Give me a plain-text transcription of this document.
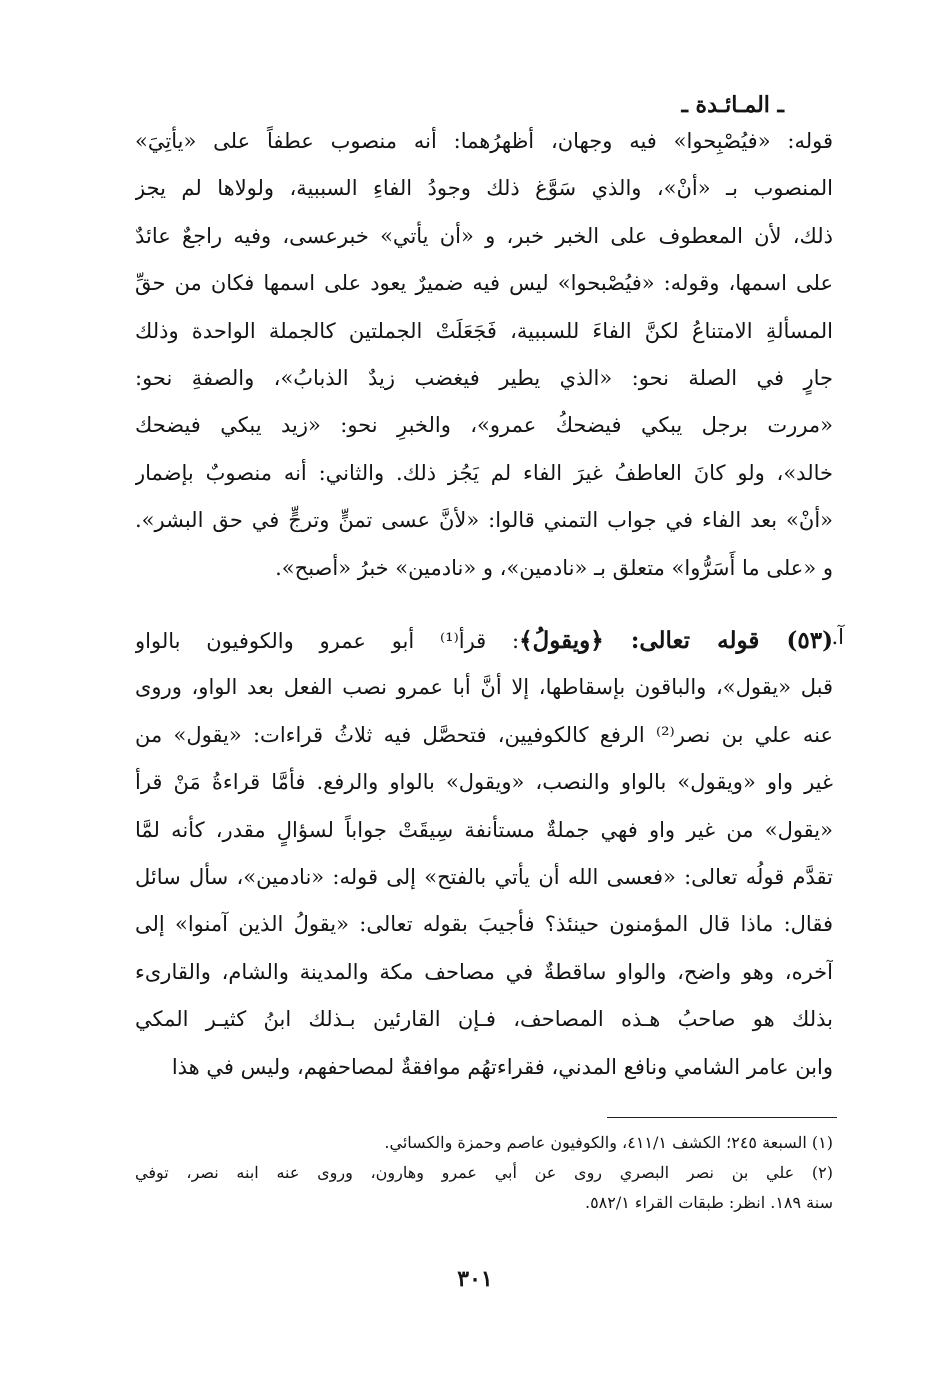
ـ المـائـدة ـ
قوله: «فيُصْبِحوا» فيه وجهان، أظهرُهما: أنه منصوب عطفاً على «يأتِيَ»
المنصوب بـ «أنْ»، والذي سَوَّغ ذلك وجودُ الفاءِ السببية، ولولاها لم يجز
ذلك، لأن المعطوف على الخبر خبر، و «أن يأتي» خبرعسى، وفيه راجعٌ عائدٌ
على اسمها، وقوله: «فيُصْبحوا» ليس فيه ضميرٌ يعود على اسمها فكان من حقِّ
المسألةِ الامتناعُ لكنَّ الفاءَ للسببية، فَجَعَلَتْ الجملتين كالجملة الواحدة وذلك
جارٍ في الصلة نحو: «الذي يطير فيغضب زيدٌ الذبابُ»، والصفةِ نحو:
«مررت برجل يبكي فيضحكُ عمرو»، والخبرِ نحو: «زيد يبكي فيضحك
خالد»، ولو كانَ العاطفُ غيرَ الفاء لم يَجُز ذلك. والثاني: أنه منصوبٌ بإضمار
«أنْ» بعد الفاء في جواب التمني قالوا: «لأنَّ عسى تمنٍّ وترجٍّ في حق البشر».
و «على ما أَسَرُّوا» متعلق بـ «نادمين»، و «نادمين» خبرُ «أصبح».
آ.
(٥٣) قوله تعالى: ﴿ويقولُ﴾: قرأ⁽¹⁾ أبو عمرو والكوفيون بالواو
قبل «يقول»، والباقون بإسقاطها، إلا أنَّ أبا عمرو نصب الفعل بعد الواو، وروى
عنه علي بن نصر⁽²⁾ الرفع كالكوفيين، فتحصَّل فيه ثلاثُ قراءات: «يقول» من
غير واو «ويقول» بالواو والنصب، «ويقول» بالواو والرفع. فأمَّا قراءةُ مَنْ قرأ
«يقول» من غير واو فهي جملةٌ مستأنفة سِيقَتْ جواباً لسؤالٍ مقدر، كأنه لمَّا
تقدَّم قولُه تعالى: «فعسى الله أن يأتي بالفتح» إلى قوله: «نادمين»، سأل سائل
فقال: ماذا قال المؤمنون حينئذ؟ فأجيبَ بقوله تعالى: «يقولُ الذين آمنوا» إلى
آخره، وهو واضح، والواو ساقطةٌ في مصاحف مكة والمدينة والشام، والقارىء
بذلك هو صاحبُ هـذه المصاحف، فـإن القارئين بـذلك ابنُ كثيـر المكي
وابن عامر الشامي ونافع المدني، فقراءتهُم موافقةٌ لمصاحفهم، وليس في هذا
(١) السبعة ٢٤٥؛ الكشف ٤١١/١، والكوفيون عاصم وحمزة والكسائي.
(٢) علي بن نصر البصري روى عن أبي عمرو وهارون، وروى عنه ابنه نصر، توفي
سنة ١٨٩. انظر: طبقات القراء ٥٨٢/١.
٣٠١
